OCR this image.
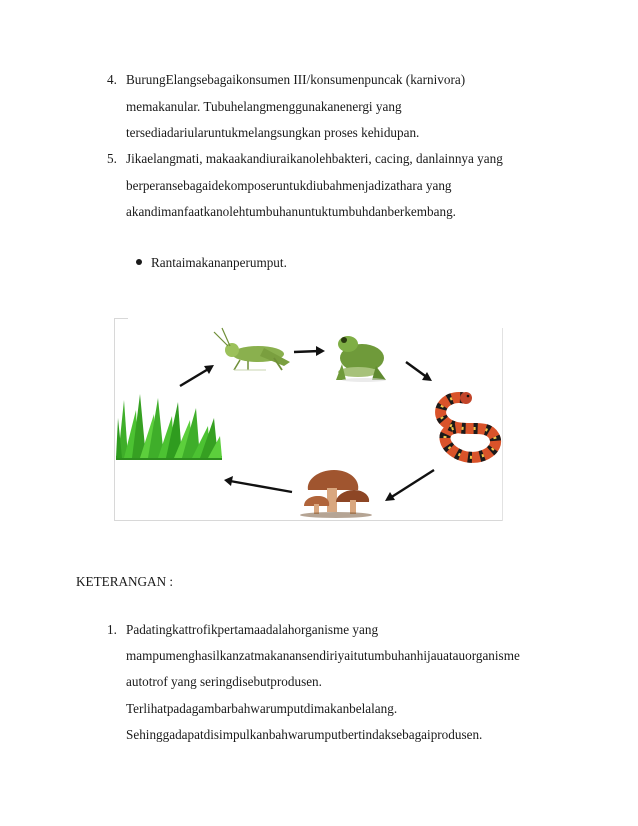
4. BurungElangsebagaikonsumen III/konsumenpuncak (karnivora)
memakanular. Tubuhelangmenggunakanenergi yang
tersediadariularuntukmelangsungkan proses kehidupan.
5. Jikaelangmati, makaakandiuraikanolehbakteri, cacing, danlainnya yang
berperansebagaidekomposeruntukdiubahmenjadizathara yang
akandimanfaatkanolehtumbuhanuntuktumbuhdanberkembang.
Rantaimakananperumput.
KETERANGAN :
1. Padatingkattrofikpertamaadalahorganisme yang
mampumenghasilkanzatmakanansendiriyaitutumbuhanhijauatauorganisme
autotrof yang seringdisebutprodusen.
Terlihatpadagambarbahwarumputdimakanbelalang.
Sehinggadapatdisimpulkanbahwarumputbertindaksebagaiprodusen.
